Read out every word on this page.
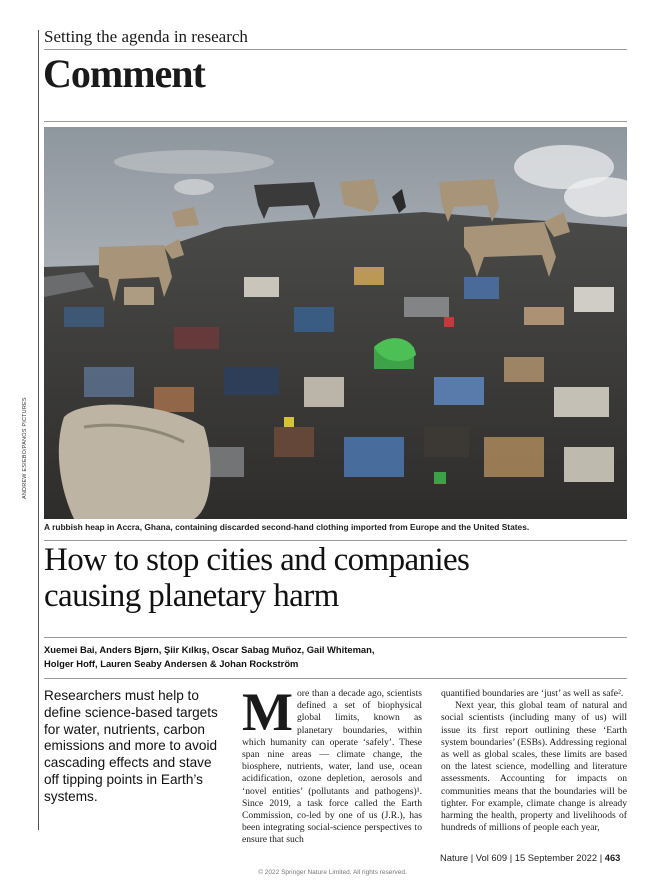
Setting the agenda in research
Comment
ANDREW ESIEBO/PANOS PICTURES
A rubbish heap in Accra, Ghana, containing discarded second-hand clothing imported from Europe and the United States.
How to stop cities and companies
causing planetary harm
Xuemei Bai, Anders Bjørn, Şiir Kılkış, Oscar Sabag Muñoz, Gail Whiteman,
Holger Hoff, Lauren Seaby Andersen & Johan Rockström
Researchers must help to define science-based targets for water, nutrients, carbon emissions and more to avoid cascading effects and stave off tipping points in Earth’s systems.

More than a decade ago, scientists defined a set of biophysical global limits, known as planetary boundaries, within which humanity can operate ‘safely’. These span nine areas — climate change, the biosphere, nutrients, water, land use, ocean acidification, ozone depletion, aerosols and ‘novel entities’ (pollutants and pathogens)¹. Since 2019, a task force called the Earth Commission, co-led by one of us (J.R.), has been integrating social-science perspectives to ensure that such

quantified boundaries are ‘just’ as well as safe².

Next year, this global team of natural and social scientists (including many of us) will issue its first report outlining these ‘Earth system boundaries’ (ESBs). Addressing regional as well as global scales, these limits are based on the latest science, modelling and literature assessments. Accounting for impacts on communities means that the boundaries will be tighter. For example, climate change is already harming the health, property and livelihoods of hundreds of millions of people each year,

Nature | Vol 609 | 15 September 2022 | 463
© 2022 Springer Nature Limited. All rights reserved.
